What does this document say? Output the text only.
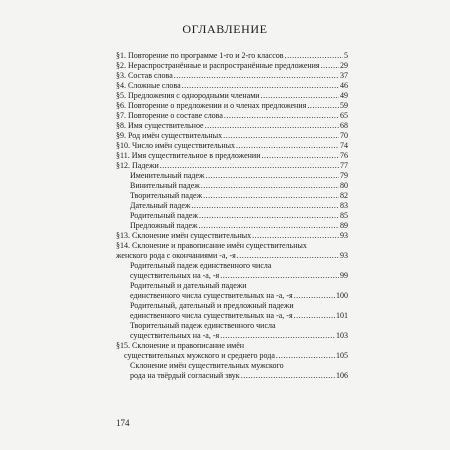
ОГЛАВЛЕНИЕ
§1. Повторение по программе 1-го и 2-го классов .....	5
§2. Нераспространённые и распространённые предложения .....	29
§3. Состав слова .....	37
§4. Сложные слова .....	46
§5. Предложения с однородными членами .....	49
§6. Повторение о предложении и о членах предложения .....	59
§7. Повторение о составе слова .....	65
§8. Имя существительное .....	68
§9. Род имён существительных .....	70
§10. Число имён существительных .....	74
§11. Имя существительное в предложении .....	76
§12. Падежи .....	77
Именительный падеж .....	79
Винительный падеж .....	80
Творительный падеж .....	82
Дательный падеж .....	83
Родительный падеж .....	85
Предложный падеж .....	89
§13. Склонение имён существительных .....	93
§14. Склонение и правописание имён существительных
женского рода с окончаниями -а, -я .....	93
Родительный падеж единственного числа
существительных на -а, -я .....	99
Родительный и дательный падежи
единственного числа существительных на -а, -я .....	100
Родительный, дательный и предложный падежи
единственного числа существительных на -а, -я .....	101
Творительный падеж единственного числа
существительных на -а, -я .....	103
§15. Склонение и правописание имён
существительных мужского и среднего рода .....	105
Склонение имён существительных мужского
рода на твёрдый согласный звук .....	106
174
